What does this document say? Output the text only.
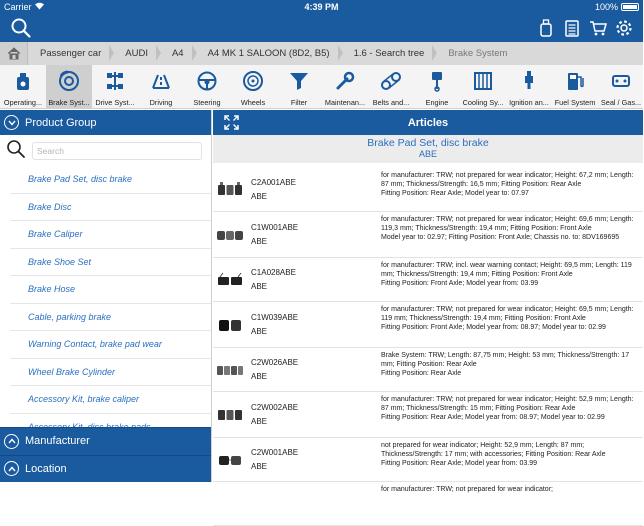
Carrier	4:39 PM	100%
Passenger car	AUDI	A4	A4 MK 1 SALOON (8D2, B5)	1.6 - Search tree	Brake System
Operating... Brake Syst... Drive Syst...	Driving	Steering	Wheels	Filter	Maintenan...	Belts and...	Engine	Cooling Sy... Ignition an... Fuel System Seal / Gas...
Product Group
Search
Brake Pad Set, disc brake
Brake Disc
Brake Caliper
Brake Shoe Set
Brake Hose
Cable, parking brake
Warning Contact, brake pad wear
Wheel Brake Cylinder
Accessory Kit, brake caliper
Manufacturer
Location
Articles
Brake Pad Set, disc brake
ABE
C2A001ABE
ABE
for manufacturer: TRW; not prepared for wear indicator; Height: 67,2 mm; Length: 87 mm; Thickness/Strength: 16,5 mm; Fitting Position: Rear Axle
Fitting Position: Rear Axle; Model year to: 07.97
C1W001ABE
ABE
for manufacturer: TRW; not prepared for wear indicator; Height: 69,6 mm; Length: 119,3 mm; Thickness/Strength: 19,4 mm; Fitting Position: Front Axle
Model year to: 02.97; Fitting Position: Front Axle; Chassis no. to: 8DV169695
C1A028ABE
ABE
for manufacturer: TRW; incl. wear warning contact; Height: 69,5 mm; Length: 119 mm; Thickness/Strength: 19,4 mm; Fitting Position: Front Axle
Fitting Position: Front Axle; Model year from: 03.99
C1W039ABE
ABE
for manufacturer: TRW; not prepared for wear indicator; Height: 69,5 mm; Length: 119 mm; Thickness/Strength: 19,4 mm; Fitting Position: Front Axle
Fitting Position: Front Axle; Model year from: 08.97; Model year to: 02.99
C2W026ABE
ABE
Brake System: TRW; Length: 87,75 mm; Height: 53 mm; Thickness/Strength: 17 mm; Fitting Position: Rear Axle
Fitting Position: Rear Axle
C2W002ABE
ABE
for manufacturer: TRW; not prepared for wear indicator; Height: 52,9 mm; Length: 87 mm; Thickness/Strength: 15 mm; Fitting Position: Rear Axle
Fitting Position: Rear Axle; Model year from: 08.97; Model year to: 02.99
C2W001ABE
ABE
not prepared for wear indicator; Height: 52,9 mm; Length: 87 mm; Thickness/Strength: 17 mm; with accessories; Fitting Position: Rear Axle
Fitting Position: Rear Axle; Model year from: 03.99
for manufacturer: TRW; not prepared for wear indicator;
